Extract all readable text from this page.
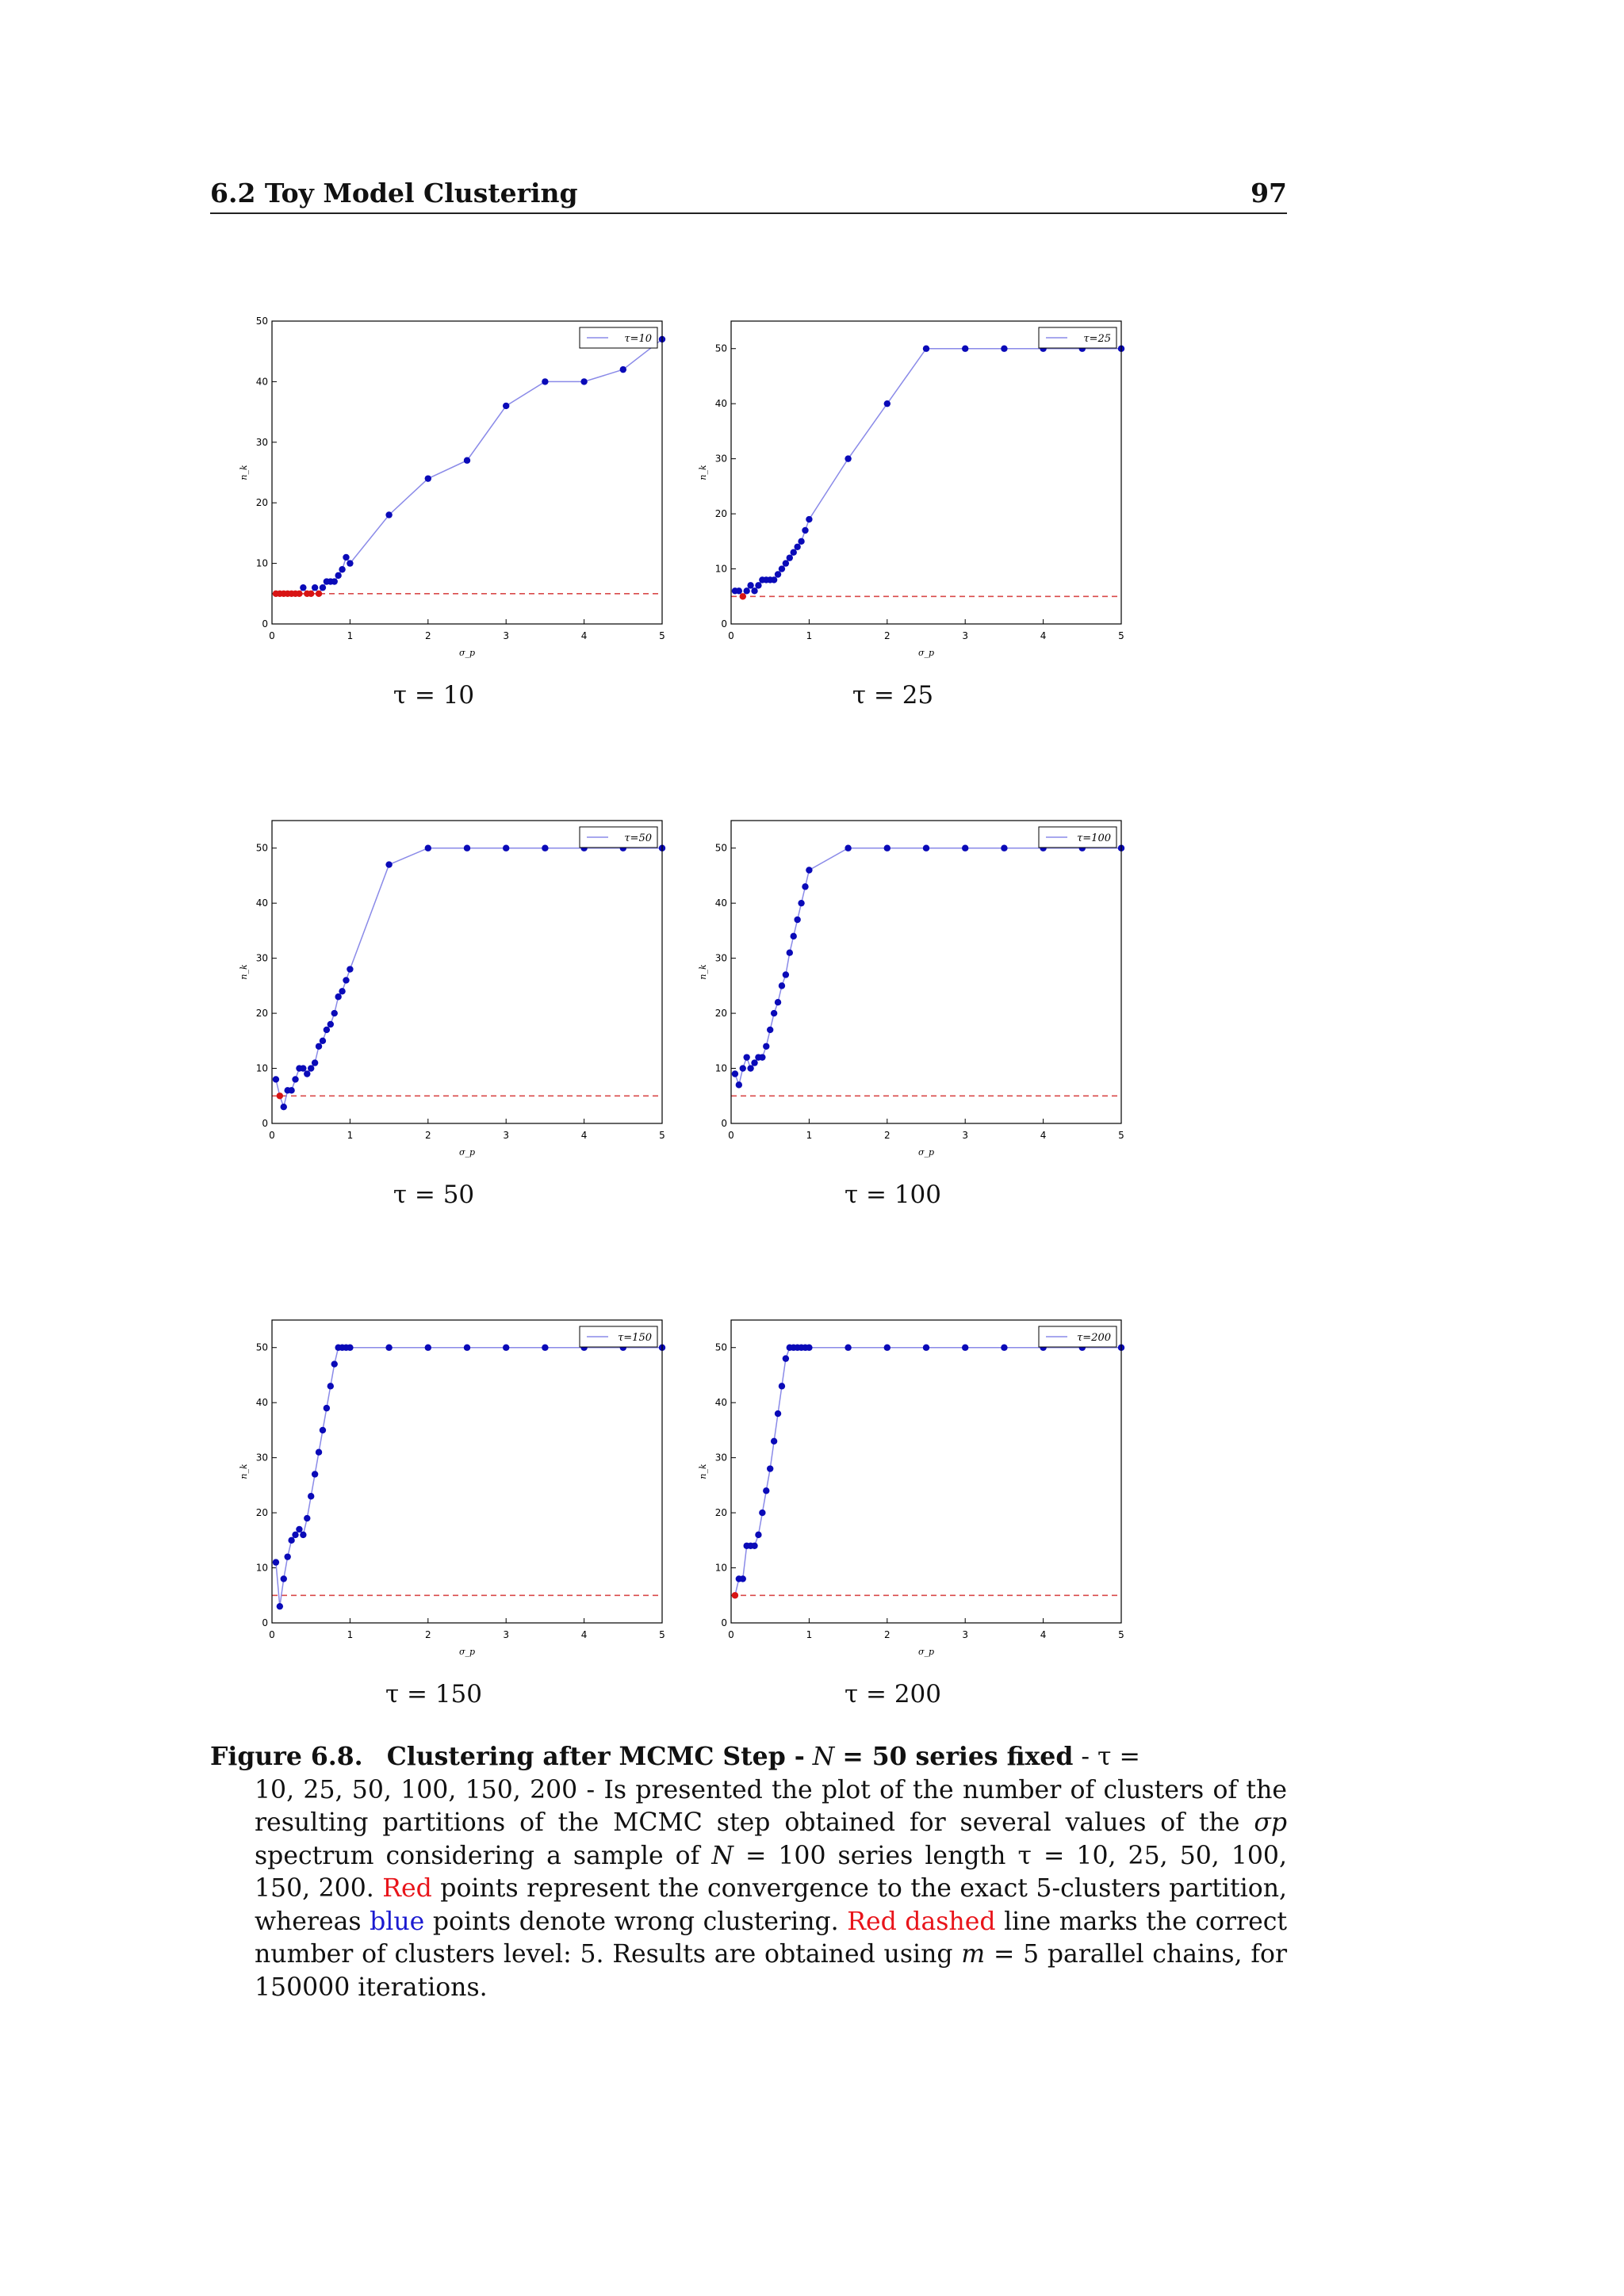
6.2 Toy Model Clustering	97
0	1	2	3	4	5
0
10
20
30
40
50
σ_p
n_k
τ=10
τ = 10
0	1	2	3	4	5
0
10
20
30
40
50
σ_p
n_k
τ=25
τ = 25
0	1	2	3	4	5
0
10
20
30
40
50
σ_p
n_k
τ=50
τ = 50
0	1	2	3	4	5
0
10
20
30
40
50
σ_p
n_k
τ=100
τ = 100
0	1	2	3	4	5
0
10
20
30
40
50
σ_p
n_k
τ=150
τ = 150
0	1	2	3	4	5
0
10
20
30
40
50
σ_p
n_k
τ=200
τ = 200
Figure 6.8. Clustering after MCMC Step - N = 50 series fixed - τ =
10, 25, 50, 100, 150, 200 - Is presented the plot of the number of clusters of the resulting partitions of the MCMC step obtained for several values of the σp spectrum considering a sample of N = 100 series length τ = 10, 25, 50, 100, 150, 200. Red points represent the convergence to the exact 5-clusters partition, whereas blue points denote wrong clustering. Red dashed line marks the correct number of clusters level: 5. Results are obtained using m = 5 parallel chains, for 150000 iterations.
